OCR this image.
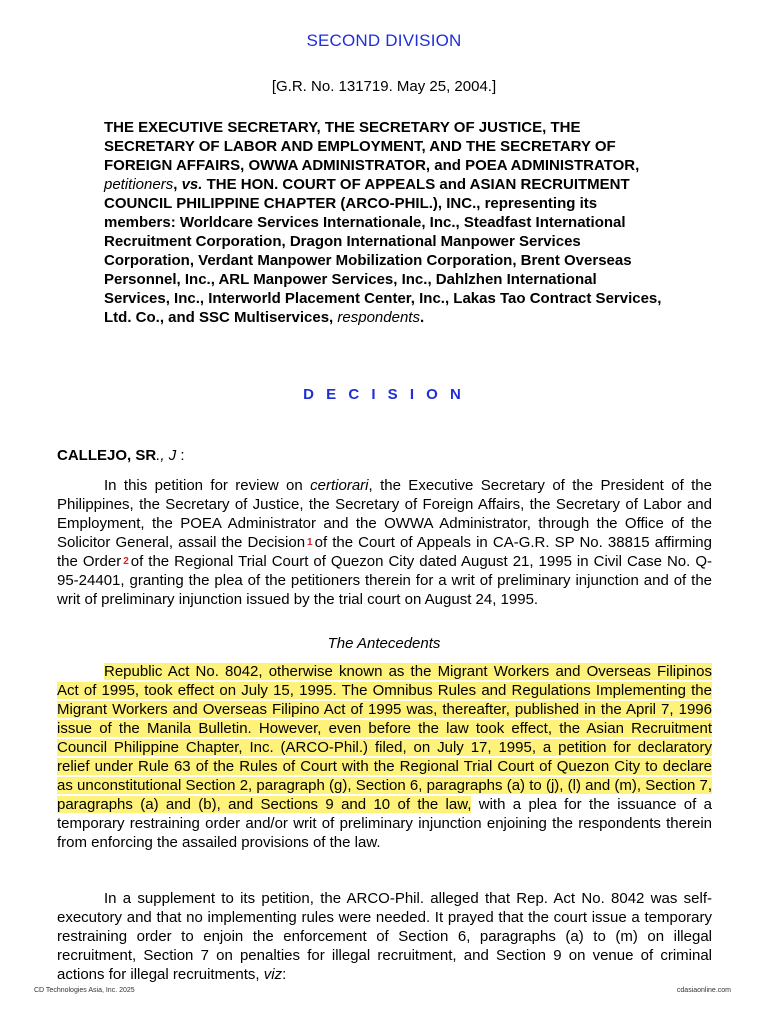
SECOND DIVISION
[G.R. No. 131719. May 25, 2004.]
THE EXECUTIVE SECRETARY, THE SECRETARY OF JUSTICE, THE SECRETARY OF LABOR AND EMPLOYMENT, AND THE SECRETARY OF FOREIGN AFFAIRS, OWWA ADMINISTRATOR, and POEA ADMINISTRATOR, petitioners, vs. THE HON. COURT OF APPEALS and ASIAN RECRUITMENT COUNCIL PHILIPPINE CHAPTER (ARCO-PHIL.), INC., representing its members: Worldcare Services Internationale, Inc., Steadfast International Recruitment Corporation, Dragon International Manpower Services Corporation, Verdant Manpower Mobilization Corporation, Brent Overseas Personnel, Inc., ARL Manpower Services, Inc., Dahlzhen International Services, Inc., Interworld Placement Center, Inc., Lakas Tao Contract Services, Ltd. Co., and SSC Multiservices, respondents.
D E C I S I O N
CALLEJO, SR., J :

In this petition for review on certiorari, the Executive Secretary of the President of the Philippines, the Secretary of Justice, the Secretary of Foreign Affairs, the Secretary of Labor and Employment, the POEA Administrator and the OWWA Administrator, through the Office of the Solicitor General, assail the Decision 1 of the Court of Appeals in CA-G.R. SP No. 38815 affirming the Order 2 of the Regional Trial Court of Quezon City dated August 21, 1995 in Civil Case No. Q-95-24401, granting the plea of the petitioners therein for a writ of preliminary injunction and of the writ of preliminary injunction issued by the trial court on August 24, 1995.

The Antecedents

Republic Act No. 8042, otherwise known as the Migrant Workers and Overseas Filipinos Act of 1995, took effect on July 15, 1995. The Omnibus Rules and Regulations Implementing the Migrant Workers and Overseas Filipino Act of 1995 was, thereafter, published in the April 7, 1996 issue of the Manila Bulletin. However, even before the law took effect, the Asian Recruitment Council Philippine Chapter, Inc. (ARCO-Phil.) filed, on July 17, 1995, a petition for declaratory relief under Rule 63 of the Rules of Court with the Regional Trial Court of Quezon City to declare as unconstitutional Section 2, paragraph (g), Section 6, paragraphs (a) to (j), (l) and (m), Section 7, paragraphs (a) and (b), and Sections 9 and 10 of the law, with a plea for the issuance of a temporary restraining order and/or writ of preliminary injunction enjoining the respondents therein from enforcing the assailed provisions of the law.

In a supplement to its petition, the ARCO-Phil. alleged that Rep. Act No. 8042 was self-executory and that no implementing rules were needed. It prayed that the court issue a temporary restraining order to enjoin the enforcement of Section 6, paragraphs (a) to (m) on illegal recruitment, Section 7 on penalties for illegal recruitment, and Section 9 on venue of criminal actions for illegal recruitments, viz:

CD Technologies Asia, Inc. 2025	cdasiaonline.com
